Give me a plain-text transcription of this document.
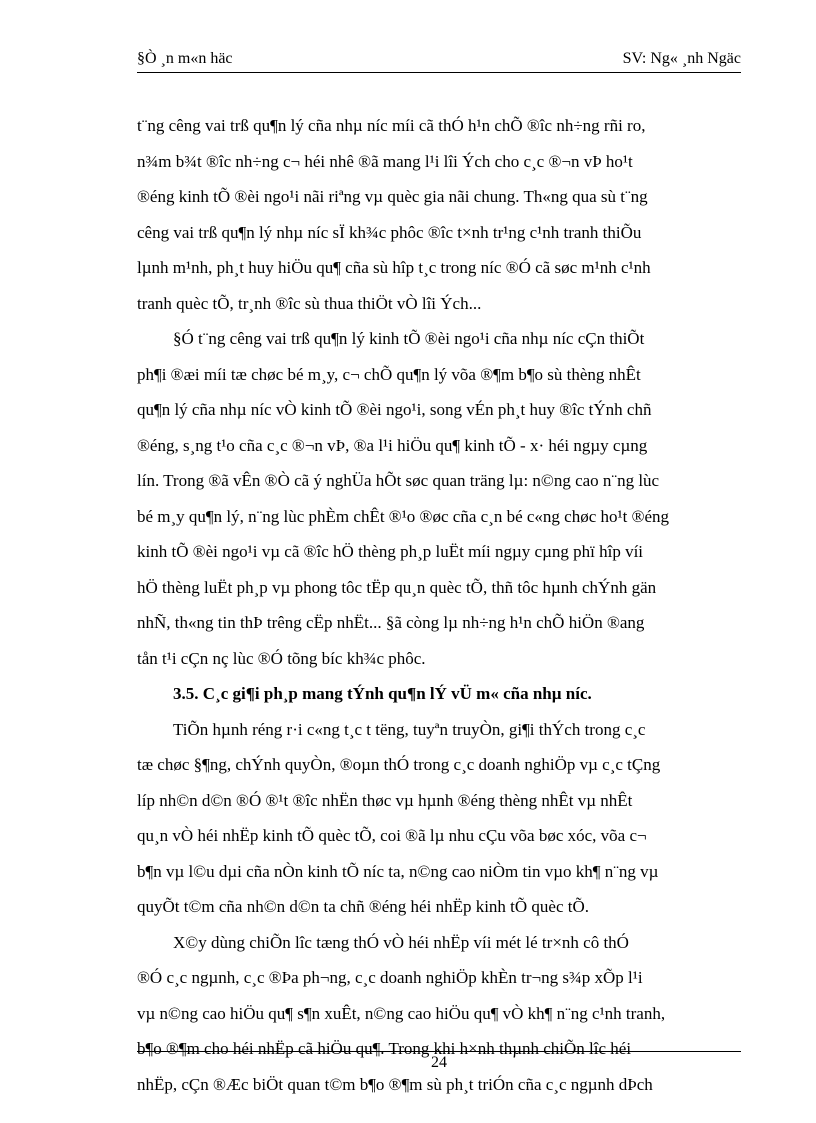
§Ò ¸n m«n häc	SV: Ng« ¸nh Ngäc
t¨ng cêng vai trß qu¶n lý cña nhµ níc míi cã thÓ h¹n chÕ ®îc nh÷ng rñi ro,
n¾m b¾t ®îc nh÷ng c¬ héi nhê ®ã mang l¹i lîi Ých cho c¸c ®¬n vÞ ho¹t
®éng kinh tÕ ®èi ngo¹i nãi riªng vµ quèc gia nãi chung. Th«ng qua sù t¨ng
cêng vai trß qu¶n lý nhµ níc sÏ kh¾c phôc ®îc t×nh tr¹ng c¹nh tranh thiÕu
lµnh m¹nh, ph¸t huy hiÖu qu¶ cña sù hîp t¸c trong níc ®Ó cã søc m¹nh c¹nh
tranh quèc tÕ, tr¸nh ®îc sù thua thiÖt vÒ lîi Ých...
§Ó t¨ng cêng vai trß qu¶n lý kinh tÕ ®èi ngo¹i cña nhµ níc cÇn thiÕt
ph¶i ®æi míi tæ chøc bé m¸y, c¬ chÕ qu¶n lý võa ®¶m b¶o sù thèng nhÊt
qu¶n lý cña nhµ níc vÒ kinh tÕ ®èi ngo¹i, song vÉn ph¸t huy ®îc tÝnh chñ
®éng, s¸ng t¹o cña c¸c ®¬n vÞ, ®a l¹i hiÖu qu¶ kinh tÕ - x· héi ngµy cµng
lín. Trong ®ã vÊn ®Ò cã ý nghÜa hÕt søc quan träng lµ: n©ng cao n¨ng lùc
bé m¸y qu¶n lý, n¨ng lùc phÈm chÊt ®¹o ®øc cña c¸n bé c«ng chøc ho¹t ®éng
kinh tÕ ®èi ngo¹i vµ cã ®îc hÖ thèng ph¸p luËt míi ngµy cµng phï hîp víi
hÖ thèng luËt ph¸p vµ phong tôc tËp qu¸n quèc tÕ, thñ tôc hµnh chÝnh gän
nhÑ, th«ng tin thÞ trêng cËp nhËt... §ã còng lµ nh÷ng h¹n chÕ hiÖn ®ang
tån t¹i cÇn nç lùc ®Ó tõng bíc kh¾c phôc.
3.5. C¸c gi¶i ph¸p mang tÝnh qu¶n lÝ vÜ m« cña nhµ níc.
TiÕn hµnh réng r·i c«ng t¸c t tëng, tuyªn truyÒn, gi¶i thÝch trong c¸c
tæ chøc §¶ng, chÝnh quyÒn, ®oµn thÓ trong c¸c doanh nghiÖp vµ c¸c tÇng
líp nh©n d©n ®Ó ®¹t ®îc nhËn thøc vµ hµnh ®éng thèng nhÊt vµ nhÊt
qu¸n vÒ héi nhËp kinh tÕ quèc tÕ, coi ®ã lµ nhu cÇu võa bøc xóc, võa c¬
b¶n vµ l©u dµi cña nÒn kinh tÕ níc ta, n©ng cao niÒm tin vµo kh¶ n¨ng vµ
quyÕt t©m cña nh©n d©n ta chñ ®éng héi nhËp kinh tÕ quèc tÕ.
X©y dùng chiÕn lîc tæng thÓ vÒ héi nhËp víi mét lé tr×nh cô thÓ
®Ó c¸c ngµnh, c¸c ®Þa ph¬ng, c¸c doanh nghiÖp khÈn tr¬ng s¾p xÕp l¹i
vµ n©ng cao hiÖu qu¶ s¶n xuÊt, n©ng cao hiÖu qu¶ vÒ kh¶ n¨ng c¹nh tranh,
b¶o ®¶m cho héi nhËp cã hiÖu qu¶. Trong khi h×nh thµnh chiÕn lîc héi
nhËp, cÇn ®Æc biÖt quan t©m b¶o ®¶m sù ph¸t triÓn cña c¸c ngµnh dÞch
24
